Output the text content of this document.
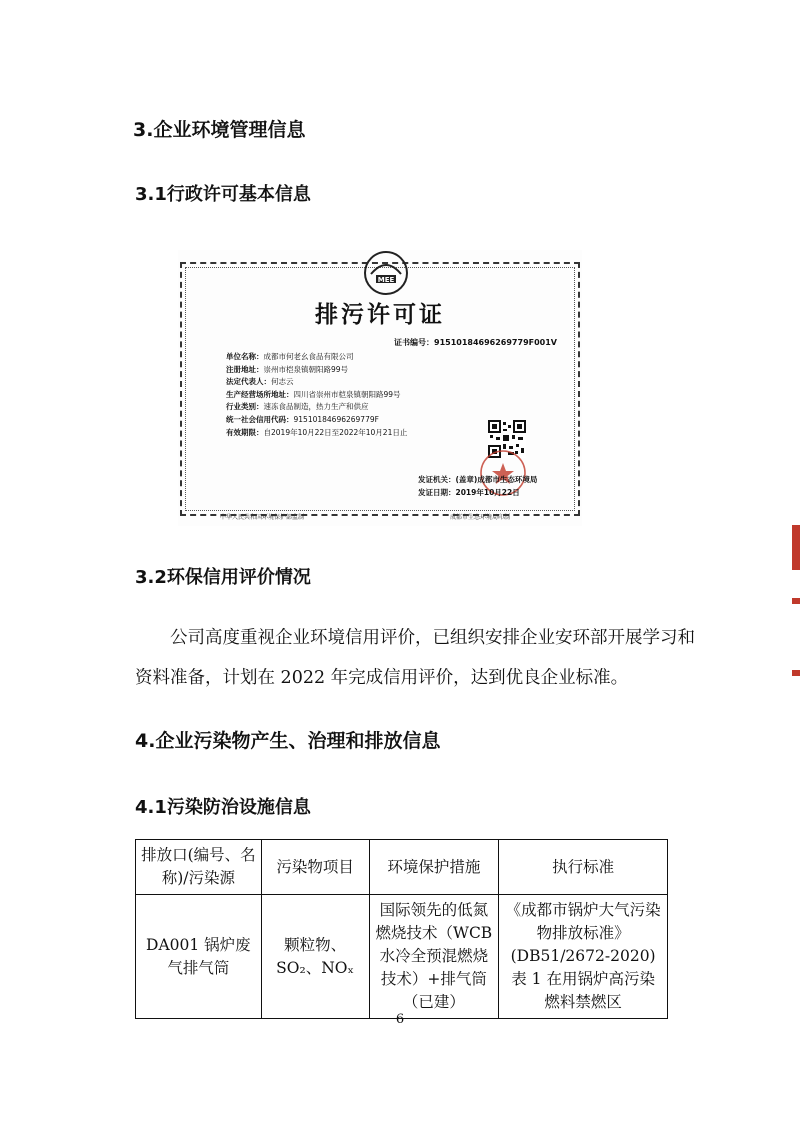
3.企业环境管理信息
3.1行政许可基本信息
MEE
排污许可证
证书编号：91510184696269779F001V
单位名称：成都市何老幺食品有限公司
注册地址：崇州市桤泉镇朝阳路99号
法定代表人：何志云
生产经营场所地址：四川省崇州市桤泉镇朝阳路99号
行业类别：速冻食品制造，热力生产和供应
统一社会信用代码：91510184696269779F
有效期限：自2019年10月22日至2022年10月21日止
发证机关：(盖章)成都市生态环境局
发证日期：2019年10月22日
中华人民共和国环境保护部监制	成都市生态环境局印制
3.2环保信用评价情况

公司高度重视企业环境信用评价，已组织安排企业安环部开展学习和资料准备，计划在 2022 年完成信用评价，达到优良企业标准。

4.企业污染物产生、治理和排放信息
4.1污染防治设施信息
排放口(编号、名称)/污染源	污染物项目	环境保护措施	执行标准
DA001 锅炉废气排气筒	颗粒物、SO₂、NOₓ	国际领先的低氮燃烧技术（WCB 水冷全预混燃烧技术）+排气筒（已建）	《成都市锅炉大气污染物排放标准》(DB51/2672-2020) 表 1 在用锅炉高污染燃料禁燃区
6
